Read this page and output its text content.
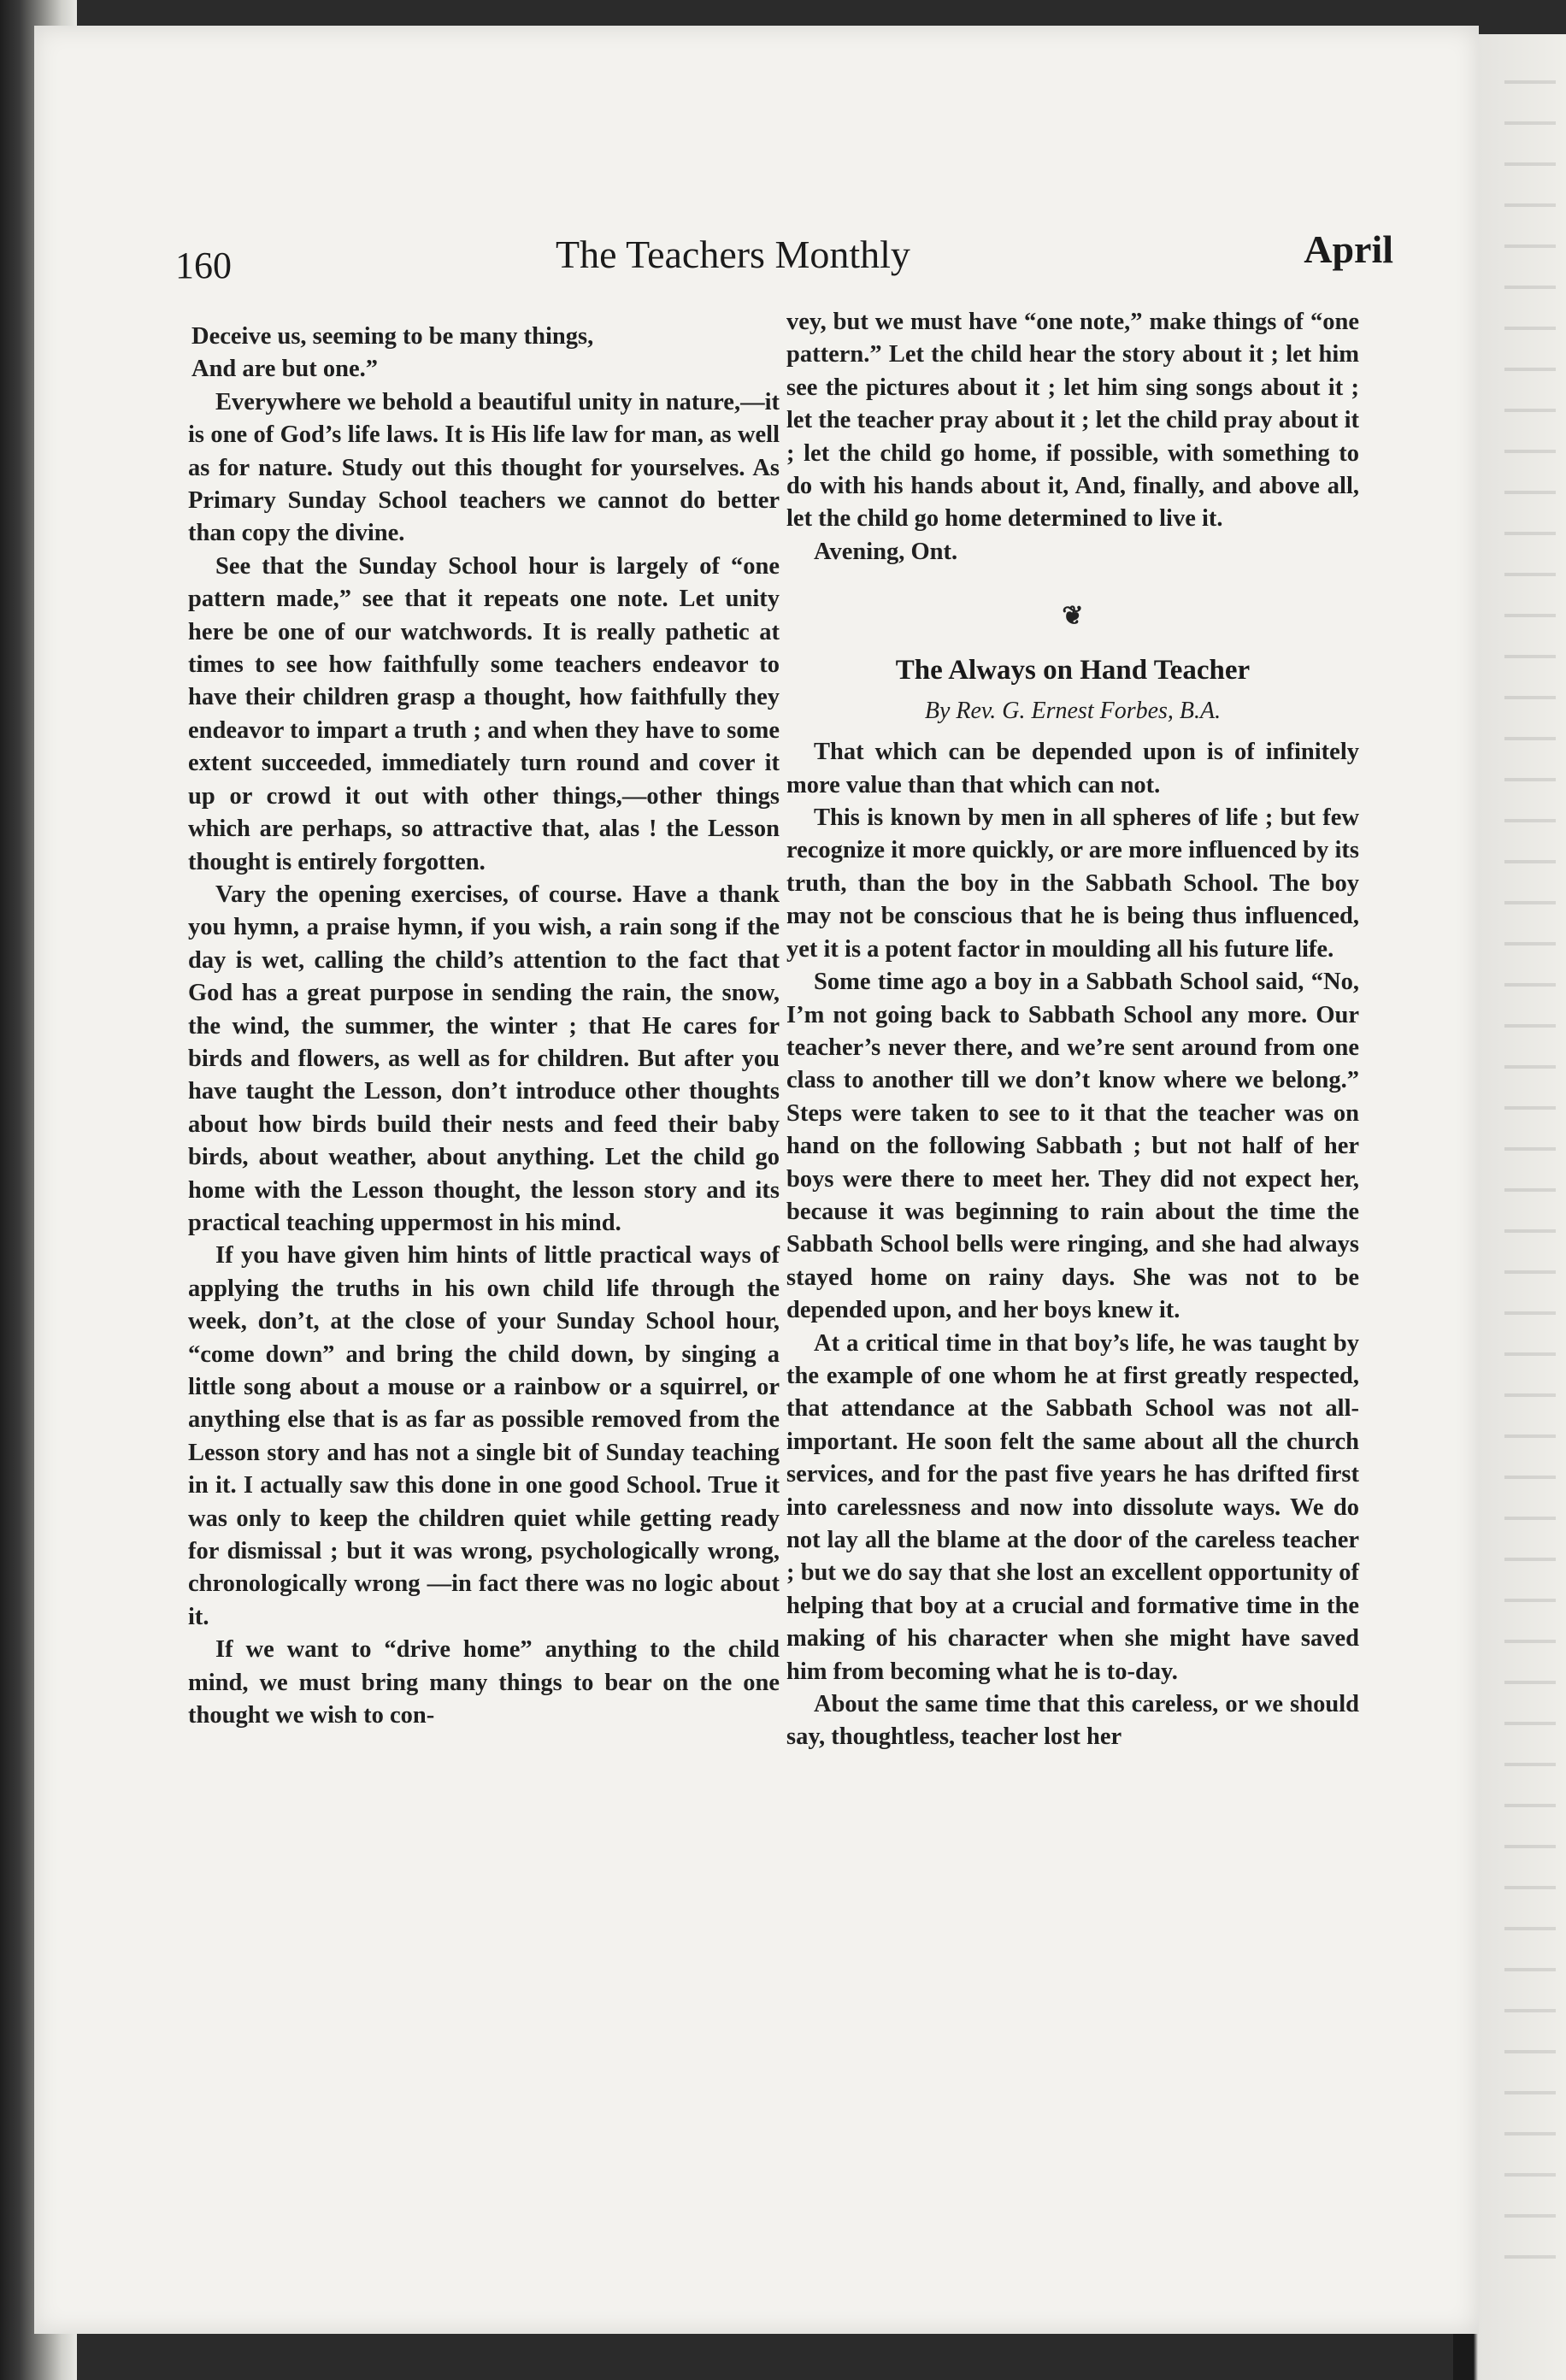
160	The Teachers Monthly	April

Deceive us, seeming to be many things,

And are but one.”

Everywhere we behold a beautiful unity in nature,—it is one of God’s life laws. It is His life law for man, as well as for nature. Study out this thought for yourselves. As Primary Sunday School teachers we cannot do better than copy the divine.

See that the Sunday School hour is largely of “one pattern made,” see that it repeats one note. Let unity here be one of our watchwords. It is really pathetic at times to see how faithfully some teachers endeavor to have their children grasp a thought, how faithfully they endeavor to impart a truth ; and when they have to some extent succeeded, immediately turn round and cover it up or crowd it out with other things,—other things which are perhaps, so attractive that, alas ! the Lesson thought is entirely forgotten.

Vary the opening exercises, of course. Have a thank you hymn, a praise hymn, if you wish, a rain song if the day is wet, calling the child’s attention to the fact that God has a great purpose in sending the rain, the snow, the wind, the summer, the winter ; that He cares for birds and flowers, as well as for children. But after you have taught the Lesson, don’t introduce other thoughts about how birds build their nests and feed their baby birds, about weather, about anything. Let the child go home with the Lesson thought, the lesson story and its practical teaching uppermost in his mind.

If you have given him hints of little practical ways of applying the truths in his own child life through the week, don’t, at the close of your Sunday School hour, “come down” and bring the child down, by singing a little song about a mouse or a rainbow or a squirrel, or anything else that is as far as possible removed from the Lesson story and has not a single bit of Sunday teaching in it. I actually saw this done in one good School. True it was only to keep the children quiet while getting ready for dismissal ; but it was wrong, psychologically wrong, chronologically wrong —in fact there was no logic about it.

If we want to “drive home” anything to the child mind, we must bring many things to bear on the one thought we wish to con-

vey, but we must have “one note,” make things of “one pattern.” Let the child hear the story about it ; let him see the pictures about it ; let him sing songs about it ; let the teacher pray about it ; let the child pray about it ; let the child go home, if possible, with something to do with his hands about it, And, finally, and above all, let the child go home determined to live it.

Avening, Ont.

❦
The Always on Hand Teacher
By Rev. G. Ernest Forbes, B.A.

That which can be depended upon is of infinitely more value than that which can not.

This is known by men in all spheres of life ; but few recognize it more quickly, or are more influenced by its truth, than the boy in the Sabbath School. The boy may not be conscious that he is being thus influenced, yet it is a potent factor in moulding all his future life.

Some time ago a boy in a Sabbath School said, “No, I’m not going back to Sabbath School any more. Our teacher’s never there, and we’re sent around from one class to another till we don’t know where we belong.” Steps were taken to see to it that the teacher was on hand on the following Sabbath ; but not half of her boys were there to meet her. They did not expect her, because it was beginning to rain about the time the Sabbath School bells were ringing, and she had always stayed home on rainy days. She was not to be depended upon, and her boys knew it.

At a critical time in that boy’s life, he was taught by the example of one whom he at first greatly respected, that attendance at the Sabbath School was not all-important. He soon felt the same about all the church services, and for the past five years he has drifted first into carelessness and now into dissolute ways. We do not lay all the blame at the door of the careless teacher ; but we do say that she lost an excellent opportunity of helping that boy at a crucial and formative time in the making of his character when she might have saved him from becoming what he is to-day.

About the same time that this careless, or we should say, thoughtless, teacher lost her
